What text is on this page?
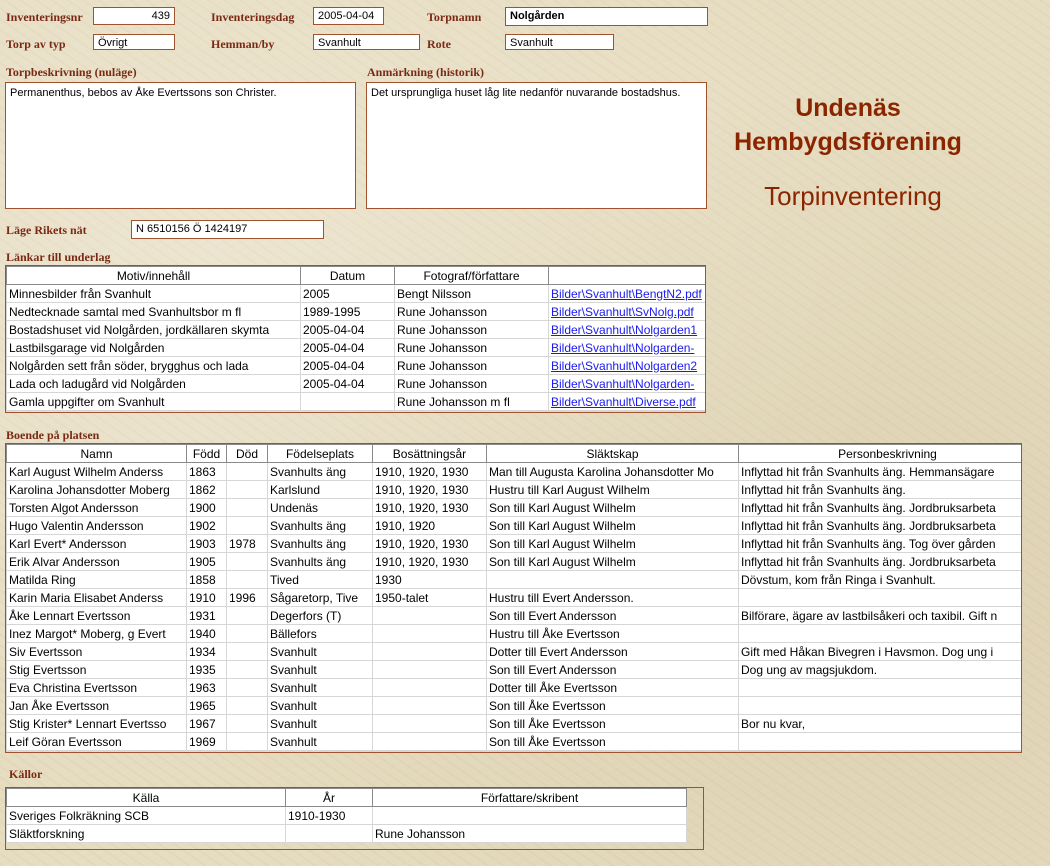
Inventeringsnr	439	Inventeringsdag	2005-04-04	Torpnamn	Nolgården
Torp av typ	Övrigt	Hemman/by	Svanhult	Rote	Svanhult
Torpbeskrivning (nuläge)
Permanenthus, bebos av Åke Evertssons son Christer.
Anmärkning (historik)
Det ursprungliga huset låg lite nedanför nuvarande bostadshus.
Undenäs
Hembygdsförening
Torpinventering
Läge Rikets nät	N 6510156 Ö 1424197
Länkar till underlag
Motiv/innehåll	Datum	Fotograf/författare	
Minnesbilder från Svanhult	2005	Bengt Nilsson	Bilder\Svanhult\BengtN2.pdf
Nedtecknade samtal med Svanhultsbor m fl	1989-1995	Rune Johansson	Bilder\Svanhult\SvNolg.pdf
Bostadshuset vid Nolgården, jordkällaren skymta	2005-04-04	Rune Johansson	Bilder\Svanhult\Nolgarden1
Lastbilsgarage vid Nolgården	2005-04-04	Rune Johansson	Bilder\Svanhult\Nolgarden-
Nolgården sett från söder, brygghus och lada	2005-04-04	Rune Johansson	Bilder\Svanhult\Nolgarden2
Lada och ladugård vid Nolgården	2005-04-04	Rune Johansson	Bilder\Svanhult\Nolgarden-
Gamla uppgifter om Svanhult		Rune Johansson m fl	Bilder\Svanhult\Diverse.pdf
Boende på platsen
Namn	Född	Död	Födelseplats	Bosättningsår	Släktskap	Personbeskrivning
Karl August Wilhelm Anderss	1863		Svanhults äng	1910, 1920, 1930	Man till Augusta Karolina Johansdotter Mo	Inflyttad hit från Svanhults äng. Hemmansägare
Karolina Johansdotter Moberg	1862		Karlslund	1910, 1920, 1930	Hustru till Karl August Wilhelm	Inflyttad hit från Svanhults äng.
Torsten Algot Andersson	1900		Undenäs	1910, 1920, 1930	Son till Karl August Wilhelm	Inflyttad hit från Svanhults äng. Jordbruksarbeta
Hugo Valentin Andersson	1902		Svanhults äng	1910, 1920	Son till Karl August Wilhelm	Inflyttad hit från Svanhults äng. Jordbruksarbeta
Karl Evert* Andersson	1903	1978	Svanhults äng	1910, 1920, 1930	Son till Karl August Wilhelm	Inflyttad hit från Svanhults äng. Tog över gården
Erik Alvar Andersson	1905		Svanhults äng	1910, 1920, 1930	Son till Karl August Wilhelm	Inflyttad hit från Svanhults äng. Jordbruksarbeta
Matilda Ring	1858		Tived	1930		Dövstum, kom från Ringa i Svanhult.
Karin Maria Elisabet Anderss	1910	1996	Sågaretorp, Tive	1950-talet	Hustru till Evert Andersson.	
Åke Lennart Evertsson	1931		Degerfors (T)		Son till Evert Andersson	Bilförare, ägare av lastbilsåkeri och taxibil. Gift n
Inez Margot* Moberg, g Evert	1940		Bällefors		Hustru till Åke Evertsson	
Siv Evertsson	1934		Svanhult		Dotter till Evert Andersson	Gift med Håkan Bivegren i Havsmon. Dog ung i
Stig Evertsson	1935		Svanhult		Son till Evert Andersson	Dog ung av magsjukdom.
Eva Christina Evertsson	1963		Svanhult		Dotter till Åke Evertsson	
Jan Åke Evertsson	1965		Svanhult		Son till Åke Evertsson	
Stig Krister* Lennart Evertsso	1967		Svanhult		Son till Åke Evertsson	Bor nu kvar,
Leif Göran Evertsson	1969		Svanhult		Son till Åke Evertsson	
Källor
Källa	År	Författare/skribent
Sveriges Folkräkning SCB	1910-1930	
Släktforskning		Rune Johansson
